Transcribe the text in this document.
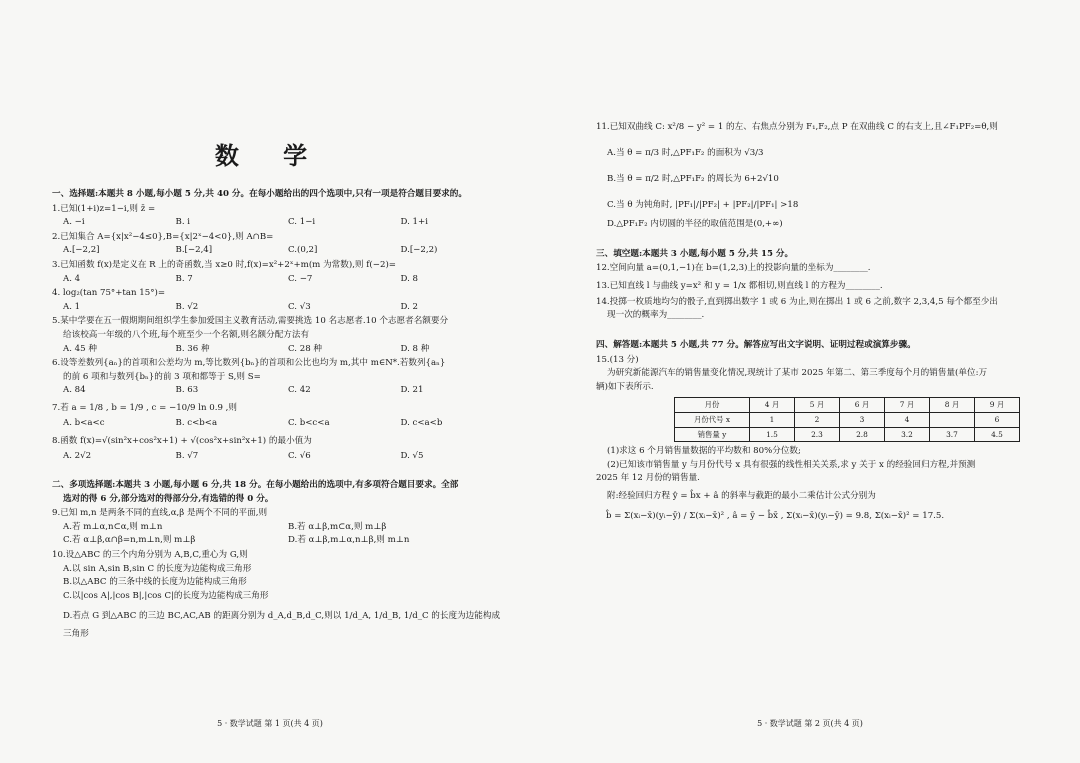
数 学
一、选择题:本题共 8 小题,每小题 5 分,共 40 分。在每小题给出的四个选项中,只有一项是符合题目要求的。
1.已知(1+i)z=1−i,则 z̄ =
A. −i	B. i	C. 1−i	D. 1+i
2.已知集合 A={x|x²−4≤0},B={x|2ˣ−4<0},则 A∩B=
A.[−2,2]	B.[−2,4]	C.(0,2]	D.[−2,2)
3.已知函数 f(x)是定义在 R 上的奇函数,当 x≥0 时,f(x)=x²+2ˣ+m(m 为常数),则 f(−2)=
A. 4	B. 7	C. −7	D. 8
4. log₂(tan 75°+tan 15°)=
A. 1	B. √2	C. √3	D. 2
5.某中学要在五一假期期间组织学生参加爱国主义教育活动,需要挑选 10 名志愿者.10 个志愿者名额要分
给该校高一年级的八个班,每个班至少一个名额,则名额分配方法有
A. 45 种	B. 36 种	C. 28 种	D. 8 种
6.设等差数列{aₙ}的首项和公差均为 m,等比数列{bₙ}的首项和公比也均为 m,其中 m∈N*.若数列{aₙ}
的前 6 项和与数列{bₙ}的前 3 项和都等于 S,则 S=
A. 84	B. 63	C. 42	D. 21
7.若 a = 1/8 , b = 1/9 , c = −10/9 ln 0.9 ,则
A. b<a<c	B. c<b<a	C. b<c<a	D. c<a<b
8.函数 f(x)=√(sin²x+cos²x+1) + √(cos²x+sin²x+1) 的最小值为
A. 2√2	B. √7	C. √6	D. √5
二、多项选择题:本题共 3 小题,每小题 6 分,共 18 分。在每小题给出的选项中,有多项符合题目要求。全部
选对的得 6 分,部分选对的得部分分,有选错的得 0 分。
9.已知 m,n 是两条不同的直线,α,β 是两个不同的平面,则
A.若 m⊥α,n⊂α,则 m⊥n	B.若 α⊥β,m⊂α,则 m⊥β
C.若 α⊥β,α∩β=n,m⊥n,则 m⊥β	D.若 α⊥β,m⊥α,n⊥β,则 m⊥n
10.设△ABC 的三个内角分别为 A,B,C,重心为 G,则
A.以 sin A,sin B,sin C 的长度为边能构成三角形
B.以△ABC 的三条中线的长度为边能构成三角形
C.以|cos A|,|cos B|,|cos C|的长度为边能构成三角形
D.若点 G 到△ABC 的三边 BC,AC,AB 的距离分别为 d_A,d_B,d_C,则以 1/d_A, 1/d_B, 1/d_C 的长度为边能构成
三角形
5 · 数学试题 第 1 页(共 4 页)
11.已知双曲线 C: x²/8 − y² = 1 的左、右焦点分别为 F₁,F₂,点 P 在双曲线 C 的右支上,且∠F₁PF₂=θ,则
A.当 θ = π/3 时,△PF₁F₂ 的面积为 √3/3
B.当 θ = π/2 时,△PF₁F₂ 的周长为 6+2√10
C.当 θ 为钝角时, |PF₁|/|PF₂| + |PF₂|/|PF₁| >18
D.△PF₁F₂ 内切圆的半径的取值范围是(0,+∞)
三、填空题:本题共 3 小题,每小题 5 分,共 15 分。
12.空间向量 a=(0,1,−1)在 b=(1,2,3)上的投影向量的坐标为________.
13.已知直线 l 与曲线 y=x² 和 y = 1/x 都相切,则直线 l 的方程为________.
14.投掷一枚质地均匀的骰子,直到掷出数字 1 或 6 为止,则在掷出 1 或 6 之前,数字 2,3,4,5 每个都至少出
现一次的概率为________.
四、解答题:本题共 5 小题,共 77 分。解答应写出文字说明、证明过程或演算步骤。
15.(13 分)
为研究新能源汽车的销售量变化情况,现统计了某市 2025 年第二、第三季度每个月的销售量(单位:万
辆)如下表所示.
月份	4 月	5 月	6 月	7 月	8 月	9 月
月份代号 x	1	2	3	4		6
销售量 y	1.5	2.3	2.8	3.2	3.7	4.5
(1)求这 6 个月销售量数据的平均数和 80%分位数;
(2)已知该市销售量 y 与月份代号 x 具有很强的线性相关关系,求 y 关于 x 的经验回归方程,并预测
2025 年 12 月份的销售量.
附:经验回归方程 ŷ = b̂x + â 的斜率与截距的最小二乘估计公式分别为
b̂ = Σ(xᵢ−x̄)(yᵢ−ȳ) / Σ(xᵢ−x̄)² , â = ȳ − b̂x̄ , Σ(xᵢ−x̄)(yᵢ−ȳ) = 9.8, Σ(xᵢ−x̄)² = 17.5.
5 · 数学试题 第 2 页(共 4 页)
